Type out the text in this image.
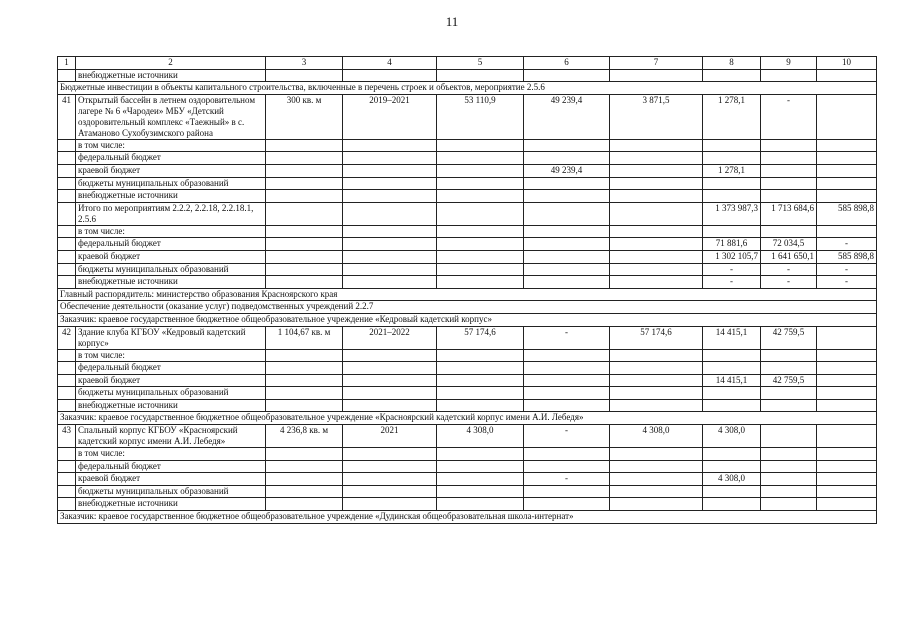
11
1	2	3	4	5	6	7	8	9	10
	внебюджетные источники								
Бюджетные инвестиции в объекты капитального строительства, включенные в перечень строек и объектов, мероприятие 2.5.6									
41	Открытый бассейн в летнем оздоровительном лагере № 6 «Чародеи» МБУ «Детский оздоровительный комплекс «Таежный» в с. Атаманово Сухобузимского района	300 кв. м	2019–2021	53 110,9	49 239,4	3 871,5	1 278,1	-	
	в том числе:								
	федеральный бюджет								
	краевой бюджет				49 239,4		1 278,1		
	бюджеты муниципальных образований								
	внебюджетные источники								
	Итого по мероприятиям 2.2.2, 2.2.18, 2.2.18.1, 2.5.6						1 373 987,3	1 713 684,6	585 898,8
	в том числе:								
	федеральный бюджет						71 881,6	72 034,5	-
	краевой бюджет						1 302 105,7	1 641 650,1	585 898,8
	бюджеты муниципальных образований						-	-	-
	внебюджетные источники						-	-	-
Главный распорядитель: министерство образования Красноярского края									
Обеспечение деятельности (оказание услуг) подведомственных учреждений 2.2.7									
Заказчик: краевое государственное бюджетное общеобразовательное учреждение «Кедровый кадетский корпус»									
42	Здание клуба КГБОУ «Кедровый кадетский корпус»	1 104,67 кв. м	2021–2022	57 174,6	-	57 174,6	14 415,1	42 759,5	
	в том числе:								
	федеральный бюджет								
	краевой бюджет						14 415,1	42 759,5	
	бюджеты муниципальных образований								
	внебюджетные источники								
Заказчик: краевое государственное бюджетное общеобразовательное учреждение «Красноярский кадетский корпус имени А.И. Лебедя»									
43	Спальный корпус КГБОУ «Красноярский кадетский корпус имени А.И. Лебедя»	4 236,8 кв. м	2021	4 308,0	-	4 308,0	4 308,0		
	в том числе:								
	федеральный бюджет								
	краевой бюджет				-		4 308,0		
	бюджеты муниципальных образований								
	внебюджетные источники								
Заказчик: краевое государственное бюджетное общеобразовательное учреждение «Дудинская общеобразовательная школа-интернат»									
